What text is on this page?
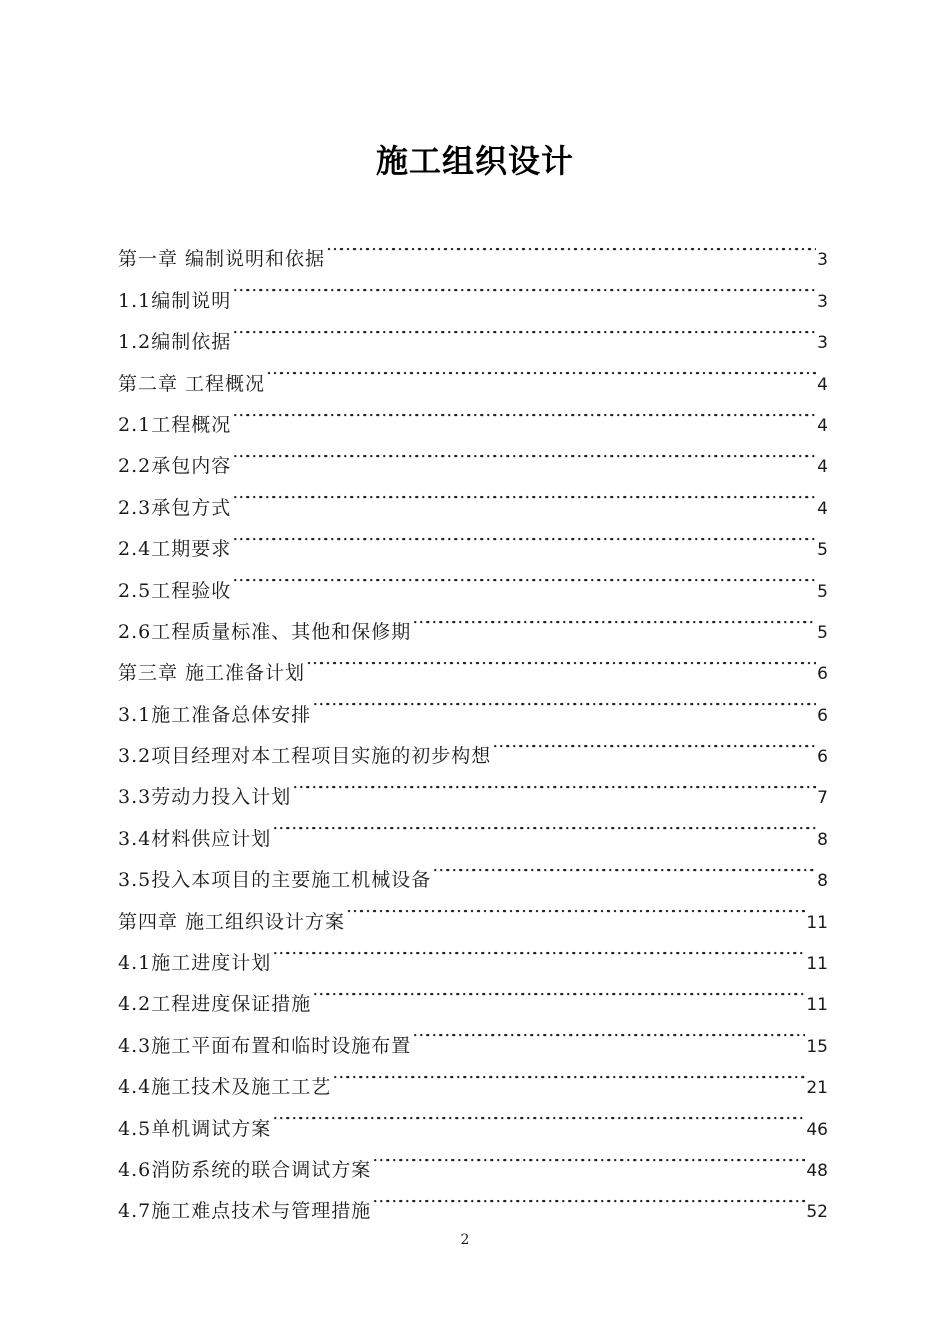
施工组织设计
第一章 编制说明和依据 …………………………………………………………………………………………………………………………………………………………	3
1.1编制说明 …………………………………………………………………………………………………………………………………………………………	3
1.2编制依据 …………………………………………………………………………………………………………………………………………………………	3
第二章 工程概况 …………………………………………………………………………………………………………………………………………………………	4
2.1工程概况 …………………………………………………………………………………………………………………………………………………………	4
2.2承包内容 …………………………………………………………………………………………………………………………………………………………	4
2.3承包方式 …………………………………………………………………………………………………………………………………………………………	4
2.4工期要求 …………………………………………………………………………………………………………………………………………………………	5
2.5工程验收 …………………………………………………………………………………………………………………………………………………………	5
2.6工程质量标准、其他和保修期 …………………………………………………………………………………………………………………………………………………………	5
第三章 施工准备计划 …………………………………………………………………………………………………………………………………………………………	6
3.1施工准备总体安排 …………………………………………………………………………………………………………………………………………………………	6
3.2项目经理对本工程项目实施的初步构想 …………………………………………………………………………………………………………………………………………………………	6
3.3劳动力投入计划 …………………………………………………………………………………………………………………………………………………………	7
3.4材料供应计划 …………………………………………………………………………………………………………………………………………………………	8
3.5投入本项目的主要施工机械设备 …………………………………………………………………………………………………………………………………………………………	8
第四章 施工组织设计方案 …………………………………………………………………………………………………………………………………………………………	11
4.1施工进度计划 …………………………………………………………………………………………………………………………………………………………	11
4.2工程进度保证措施 …………………………………………………………………………………………………………………………………………………………	11
4.3施工平面布置和临时设施布置 …………………………………………………………………………………………………………………………………………………………	15
4.4施工技术及施工工艺 …………………………………………………………………………………………………………………………………………………………	21
4.5单机调试方案 …………………………………………………………………………………………………………………………………………………………	46
4.6消防系统的联合调试方案 …………………………………………………………………………………………………………………………………………………………	48
4.7施工难点技术与管理措施 …………………………………………………………………………………………………………………………………………………………	52
2
